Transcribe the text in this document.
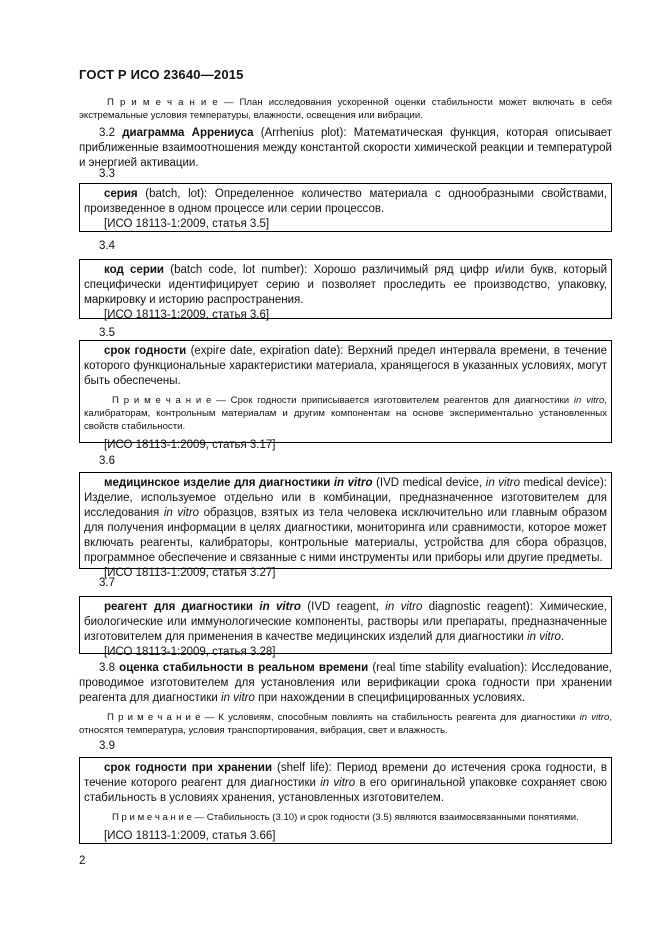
ГОСТ Р ИСО 23640—2015

П р и м е ч а н и е — План исследования ускоренной оценки стабильности может включать в себя экстремальные условия температуры, влажности, освещения или вибрации.

3.2 диаграмма Аррениуса (Arrhenius plot): Математическая функция, которая описывает приближенные взаимоотношения между константой скорости химической реакции и температурой и энергией активации.

3.3

серия (batch, lot): Определенное количество материала с однообразными свойствами, произведенное в одном процессе или серии процессов.

[ИСО 18113-1:2009, статья 3.5]

3.4

код серии (batch code, lot number): Хорошо различимый ряд цифр и/или букв, который специфически идентифицирует серию и позволяет проследить ее производство, упаковку, маркировку и историю распространения.

[ИСО 18113-1:2009, статья 3.6]

3.5

срок годности (expire date, expiration date): Верхний предел интервала времени, в течение которого функциональные характеристики материала, хранящегося в указанных условиях, могут быть обеспечены.

П р и м е ч а н и е — Срок годности приписывается изготовителем реагентов для диагностики in vitro, калибраторам, контрольным материалам и другим компонентам на основе экспериментально установленных свойств стабильности.

[ИСО 18113-1:2009, статья 3.17]

3.6

медицинское изделие для диагностики in vitro (IVD medical device, in vitro medical device): Изделие, используемое отдельно или в комбинации, предназначенное изготовителем для исследования in vitro образцов, взятых из тела человека исключительно или главным образом для получения информации в целях диагностики, мониторинга или сравнимости, которое может включать реагенты, калибраторы, контрольные материалы, устройства для сбора образцов, программное обеспечение и связанные с ними инструменты или приборы или другие предметы.

[ИСО 18113-1:2009, статья 3.27]

3.7

реагент для диагностики in vitro (IVD reagent, in vitro diagnostic reagent): Химические, биологические или иммунологические компоненты, растворы или препараты, предназначенные изготовителем для применения в качестве медицинских изделий для диагностики in vitro.

[ИСО 18113-1:2009, статья 3.28]

3.8 оценка стабильности в реальном времени (real time stability evaluation): Исследование, проводимое изготовителем для установления или верификации срока годности при хранении реагента для диагностики in vitro при нахождении в специфицированных условиях.

П р и м е ч а н и е — К условиям, способным повлиять на стабильность реагента для диагностики in vitro, относятся температура, условия транспортирования, вибрация, свет и влажность.

3.9

срок годности при хранении (shelf life): Период времени до истечения срока годности, в течение которого реагент для диагностики in vitro в его оригинальной упаковке сохраняет свою стабильность в условиях хранения, установленных изготовителем.

П р и м е ч а н и е — Стабильность (3.10) и срок годности (3.5) являются взаимосвязанными понятиями.

[ИСО 18113-1:2009, статья 3.66]

2
